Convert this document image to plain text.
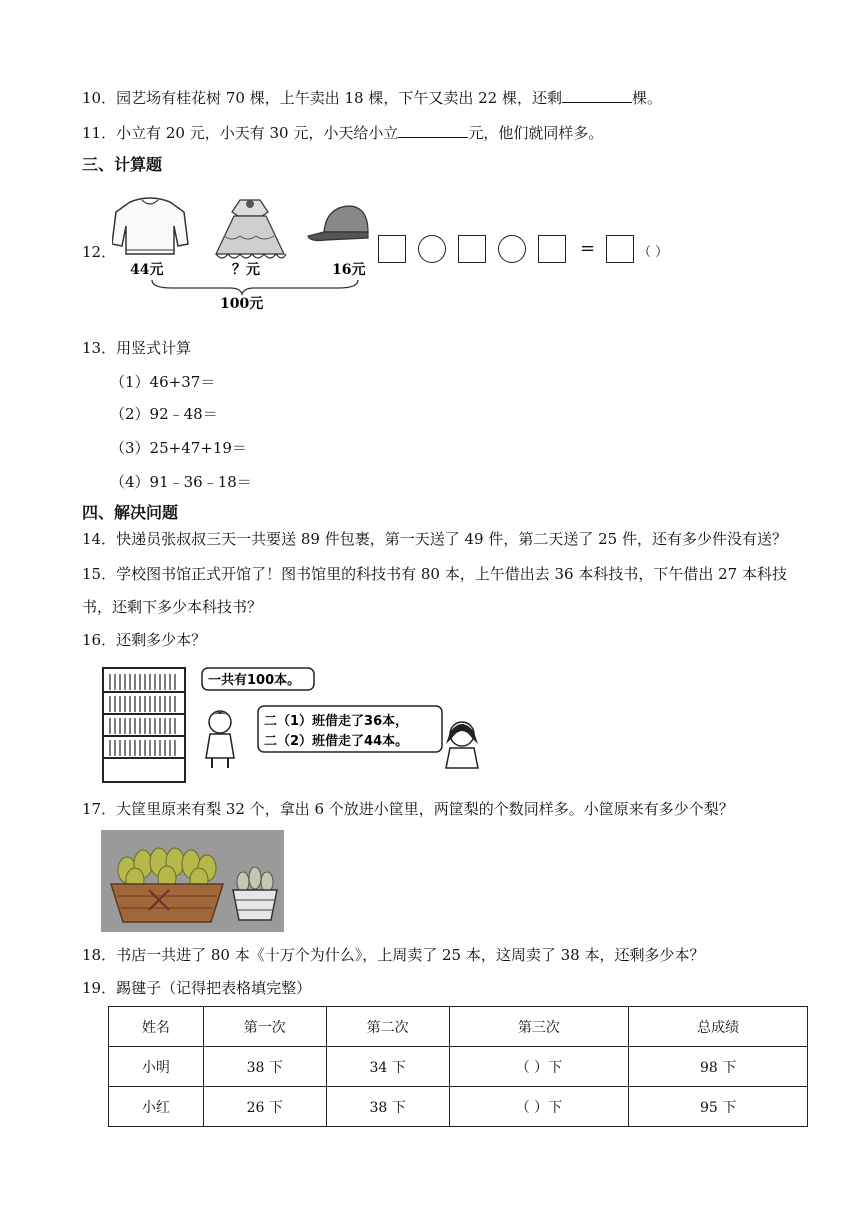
10．园艺场有桂花树 70 棵，上午卖出 18 棵，下午又卖出 22 棵，还剩	棵。
11．小立有 20 元，小天有 30 元，小天给小立	元，他们就同样多。
三、计算题
12．
44元	？元	16元
100元
=	（ ）
13．用竖式计算
（1）46+37＝
（2）92﹣48＝
（3）25+47+19＝
（4）91﹣36﹣18＝
四、解决问题
14．快递员张叔叔三天一共要送 89 件包裹，第一天送了 49 件，第二天送了 25 件，还有多少件没有送？
15．学校图书馆正式开馆了！图书馆里的科技书有 80 本，上午借出去 36 本科技书，下午借出 27 本科技
书，还剩下多少本科技书？
16．还剩多少本？
一共有100本。
二（1）班借走了36本，
二（2）班借走了44本。
17．大筐里原来有梨 32 个，拿出 6 个放进小筐里，两筐梨的个数同样多。小筐原来有多少个梨？
18．书店一共进了 80 本《十万个为什么》，上周卖了 25 本，这周卖了 38 本，还剩多少本？
19．踢毽子（记得把表格填完整）
姓名	第一次	第二次	第三次	总成绩
小明	38 下	34 下	（ ）下	98 下
小红	26 下	38 下	（ ）下	95 下
